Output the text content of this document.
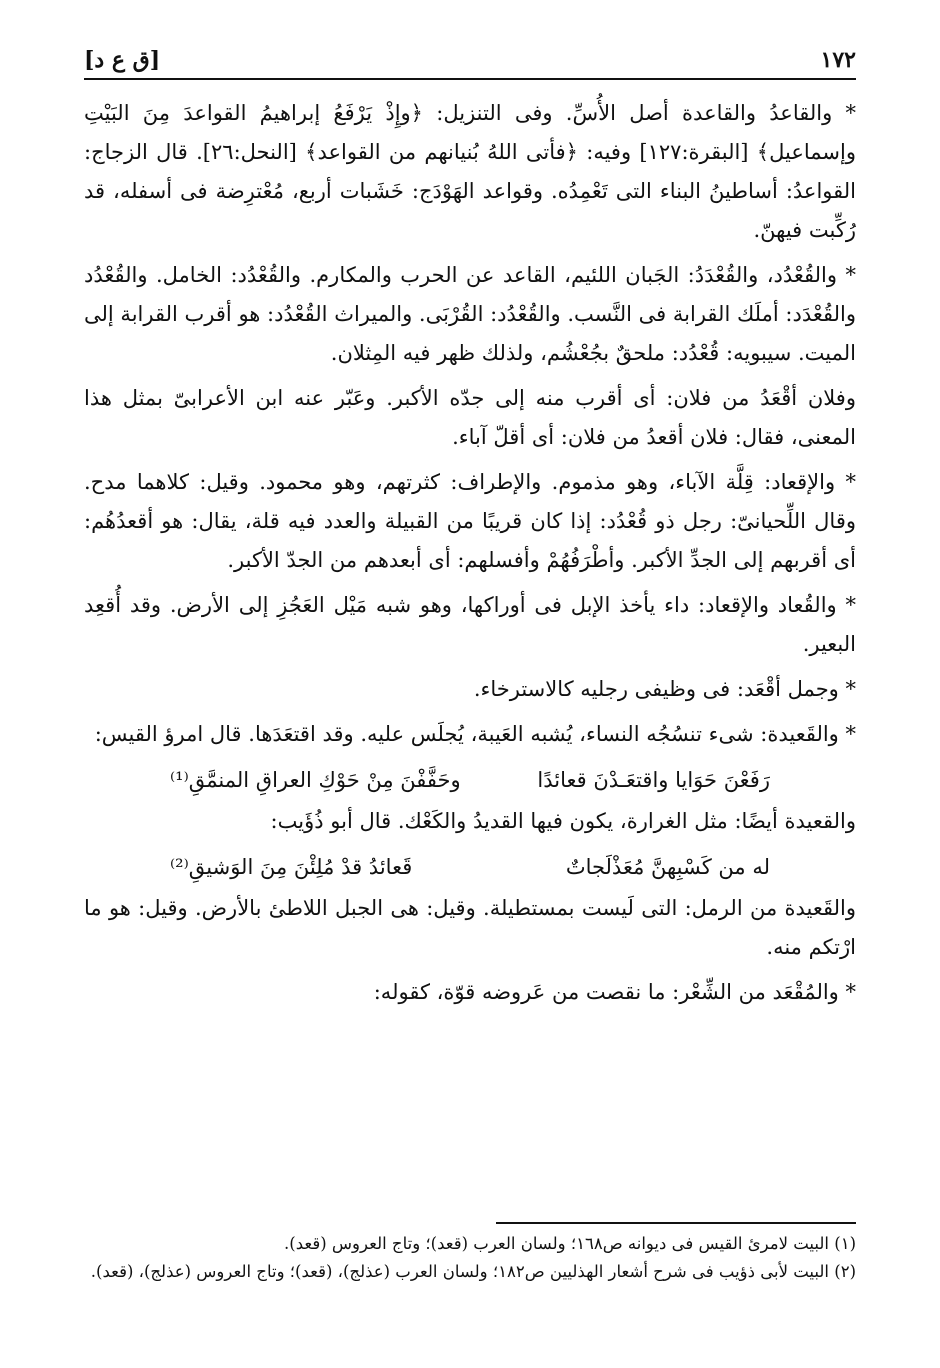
١٧٢
[ق ع د]

* والقاعدُ والقاعدة أصل الأُسِّ. وفى التنزيل: ﴿وإِذْ يَرْفَعُ إبراهيمُ القواعدَ مِنَ البَيْتِ وإسماعيل﴾ [البقرة:١٢٧] وفيه: ﴿فأتى اللهُ بُنيانهم من القواعد﴾ [النحل:٢٦]. قال الزجاج: القواعدُ: أساطينُ البناء التى تَعْمِدُه. وقواعد الهَوْدَج: خَشَبات أربع، مُعْترِضة فى أسفله، قد رُكِّبت فيهنّ.

* والقُعْدُد، والقُعْدَدُ: الجَبان اللئيم، القاعد عن الحرب والمكارم. والقُعْدُد: الخامل. والقُعْدُد والقُعْدَد: أملَك القرابة فى النَّسب. والقُعْدُد: القُرْبَى. والميراث القُعْدُد: هو أقرب القرابة إلى الميت. سيبويه: قُعْدُد: ملحقٌ بجُعْشُم، ولذلك ظهر فيه المِثلان.

وفلان أقْعَدُ من فلان: أى أقرب منه إلى جدّه الأكبر. وعَبّر عنه ابن الأعرابىّ بمثل هذا المعنى، فقال: فلان أقعدُ من فلان: أى أقلّ آباء.

* والإقعاد: قِلَّة الآباء، وهو مذموم. والإطراف: كثرتهم، وهو محمود. وقيل: كلاهما مدح. وقال اللِّحيانىّ: رجل ذو قُعْدُد: إذا كان قريبًا من القبيلة والعدد فيه قلة، يقال: هو أقعدُهُم: أى أقربهم إلى الجدِّ الأكبر. وأطْرَفُهُمْ وأفسلهم: أى أبعدهم من الجدّ الأكبر.

* والقُعاد والإقعاد: داء يأخذ الإبل فى أوراكها، وهو شبه مَيْل العَجُزِ إلى الأرض. وقد أُقعِد البعير.

* وجمل أقْعَد: فى وظيفى رجليه كالاسترخاء.

* والقَعيدة: شىء تنسُجُه النساء، يُشبه العَيبة، يُجلَس عليه. وقد اقتعَدَها. قال امرؤ القيس:

رَفَعْنَ حَوَايا واقتعَـدْنَ قعائدًا
وحَفَّفْنَ مِنْ حَوْكِ العراقِ المنمَّقِ⁽¹⁾

والقعيدة أيضًا: مثل الغرارة، يكون فيها القديدُ والكَعْك. قال أبو ذُؤَيب:

له من كَسْبِهنَّ مُعَذْلَجاتٌ
قَعائدُ قدْ مُلِئْنَ مِنَ الوَشيقِ⁽²⁾

والقَعيدة من الرمل: التى لَيست بمستطيلة. وقيل: هى الجبل اللاطئ بالأرض. وقيل: هو ما ارْتكم منه.

* والمُقْعَد من الشِّعْر: ما نقصت من عَروضه قوّة، كقوله:

(١) البيت لامرئ القيس فى ديوانه ص١٦٨؛ ولسان العرب (قعد)؛ وتاج العروس (قعد).

(٢) البيت لأبى ذؤيب فى شرح أشعار الهذليين ص١٨٢؛ ولسان العرب (عذلج)، (قعد)؛ وتاج العروس (عذلج)، (قعد).
